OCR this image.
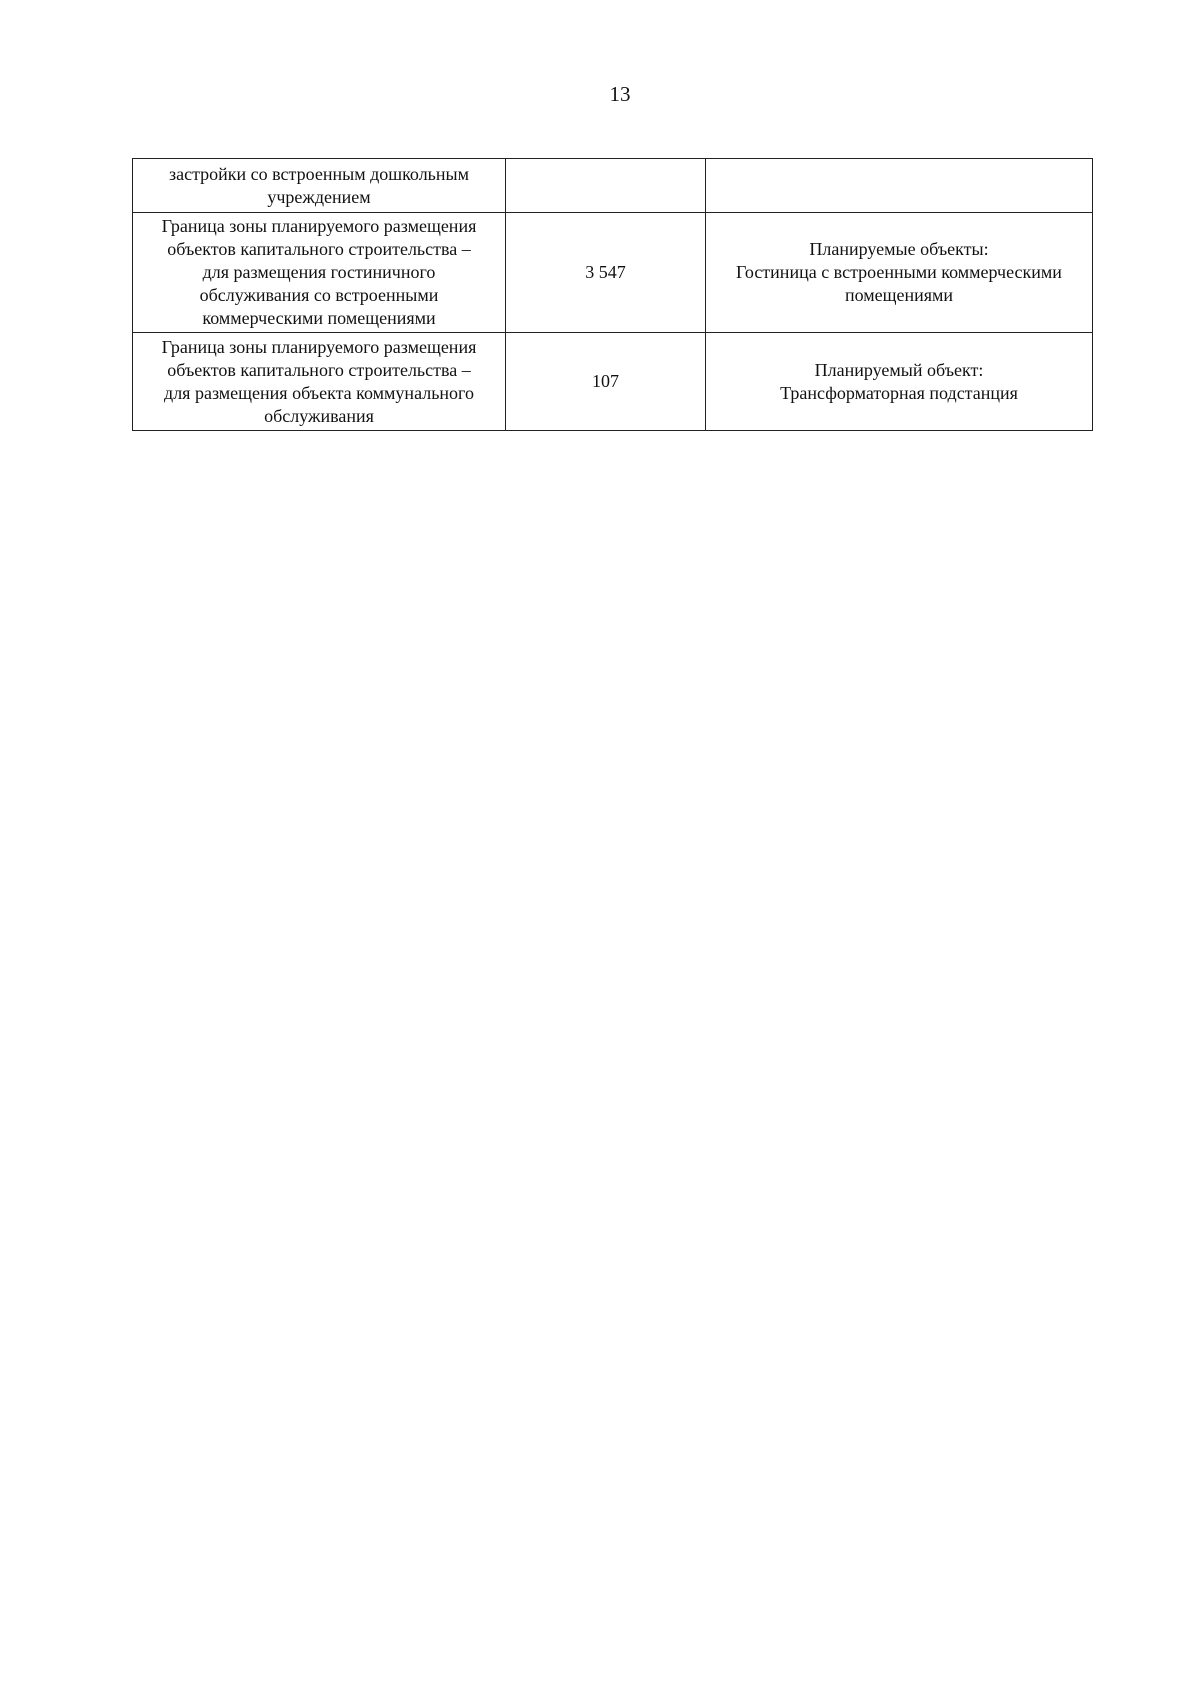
13
застройки со встроенным дошкольным
учреждением		

Граница зоны планируемого размещения
объектов капитального строительства –
для размещения гостиничного
обслуживания со встроенными
коммерческими помещениями	3 547	Планируемые объекты:
Гостиница с встроенными коммерческими
помещениями

Граница зоны планируемого размещения
объектов капитального строительства –
для размещения объекта коммунального
обслуживания	107	Планируемый объект:
Трансформаторная подстанция
